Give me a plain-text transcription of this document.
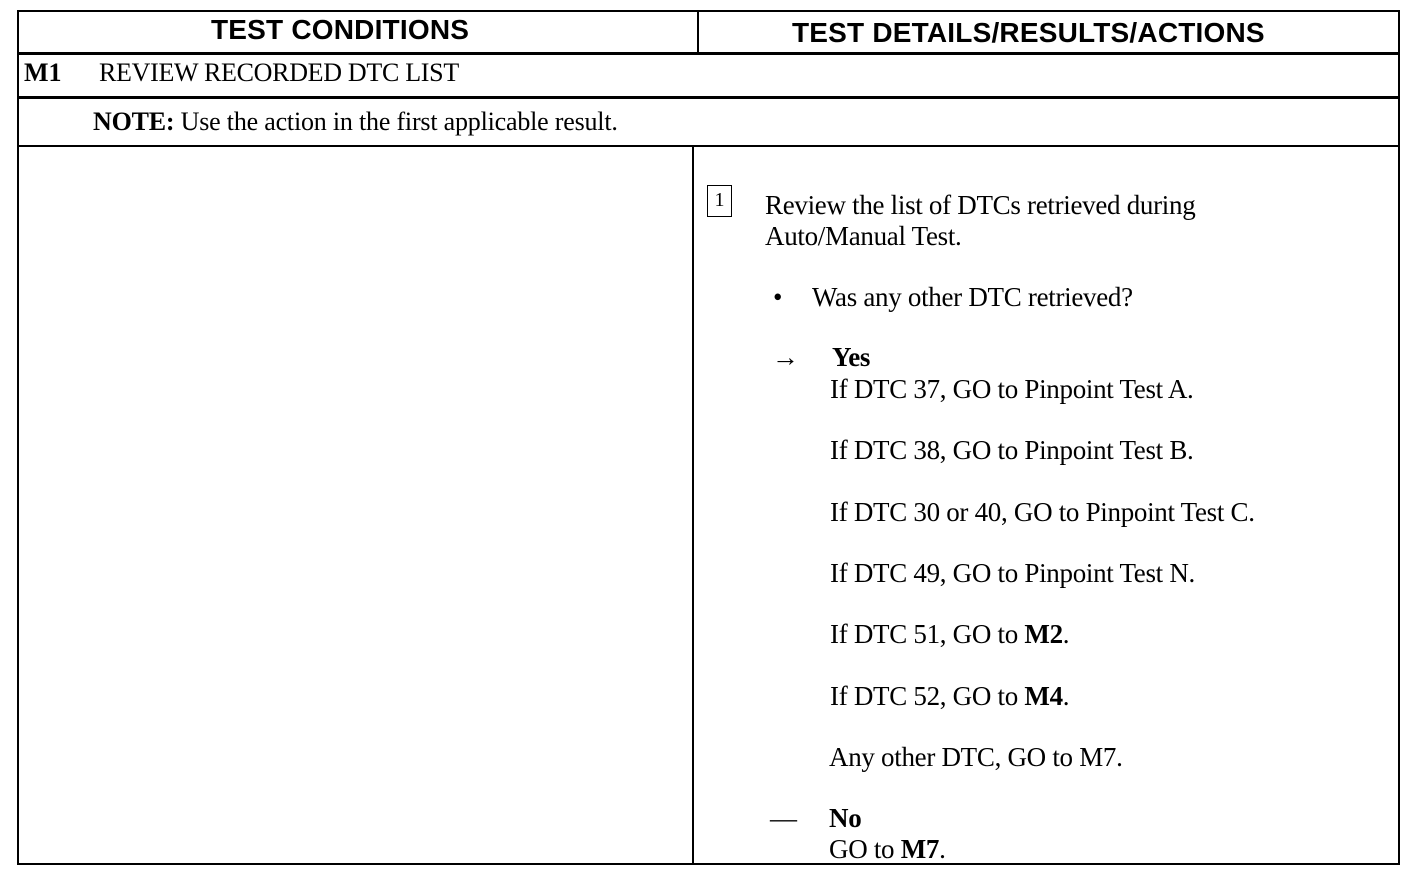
TEST CONDITIONS	TEST DETAILS/RESULTS/ACTIONS
M1 REVIEW RECORDED DTC LIST
NOTE: Use the action in the first applicable result.
1 Review the list of DTCs retrieved during
Auto/Manual Test.
• Was any other DTC retrieved?
→ Yes
If DTC 37, GO to Pinpoint Test A.
If DTC 38, GO to Pinpoint Test B.
If DTC 30 or 40, GO to Pinpoint Test C.
If DTC 49, GO to Pinpoint Test N.
If DTC 51, GO to M2.
If DTC 52, GO to M4.
Any other DTC, GO to M7.
— No
GO to M7.
